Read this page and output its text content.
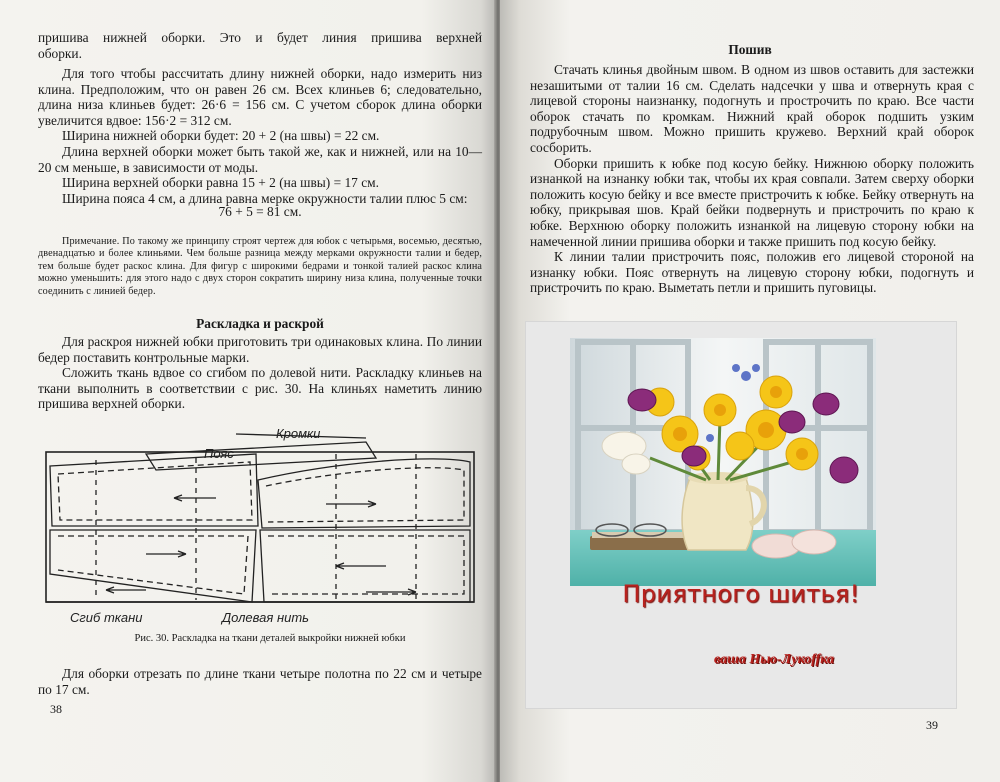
пришива нижней оборки. Это и будет линия пришива верхней

оборки.

Для того чтобы рассчитать длину нижней оборки, надо измерить низ клина. Предположим, что он равен 26 см. Всех клиньев 6; следовательно, длина низа клиньев будет: 26·6 = 156 см. С учетом сборок длина оборки увеличится вдвое: 156·2 = 312 см.

Ширина нижней оборки будет: 20 + 2 (на швы) = 22 см.

Длина верхней оборки может быть такой же, как и нижней, или на 10—20 см меньше, в зависимости от моды.

Ширина верхней оборки равна 15 + 2 (на швы) = 17 см.

Ширина пояса 4 см, а длина равна мерке окружности талии плюс 5 см:

76 + 5 = 81 см.
Примечание. По такому же принципу строят чертеж для юбок с четырьмя, восемью, десятью, двенадцатью и более клиньями. Чем больше разница между мерками окружности талии и бедер, тем больше будет раскос клина. Для фигур с широкими бедрами и тонкой талией раскос клина можно уменьшить: для этого надо с двух сторон сократить ширину низа клина, полученные точки соединить с линией бедер.
Раскладка и раскрой

Для раскроя нижней юбки приготовить три одинаковых клина. По линии бедер поставить контрольные марки.

Сложить ткань вдвое со сгибом по долевой нити. Раскладку клиньев на ткани выполнить в соответствии с рис. 30. На клиньях наметить линию пришива верхней оборки.

Кромки
Пояс
Сгиб ткани	Долевая нить
Рис. 30. Раскладка на ткани деталей выкройки нижней юбки
Для оборки отрезать по длине ткани четыре полотна по 22 см и четыре по 17 см.
38
Пошив

Стачать клинья двойным швом. В одном из швов оставить для застежки незашитыми от талии 16 см. Сделать надсечки у шва и отвернуть края с лицевой стороны наизнанку, подогнуть и прострочить по краю. Все части оборок стачать по кромкам. Нижний край оборок подшить узким подрубочным швом. Можно пришить кружево. Верхний край оборок сосборить.

Оборки пришить к юбке под косую бейку. Нижнюю оборку положить изнанкой на изнанку юбки так, чтобы их края совпали. Затем сверху оборки положить косую бейку и все вместе пристрочить к юбке. Бейку отвернуть на юбку, прикрывая шов. Край бейки подвернуть и пристрочить по краю к юбке. Верхнюю оборку положить изнанкой на лицевую сторону юбки на намеченной линии пришива оборки и также пришить под косую бейку.

К линии талии пристрочить пояс, положив его лицевой стороной на изнанку юбки. Пояс отвернуть на лицевую сторону юбки, подогнуть и пристрочить по краю. Выметать петли и пришить пуговицы.

39
Приятного шитья!
ваша Нью-Лукоffка
